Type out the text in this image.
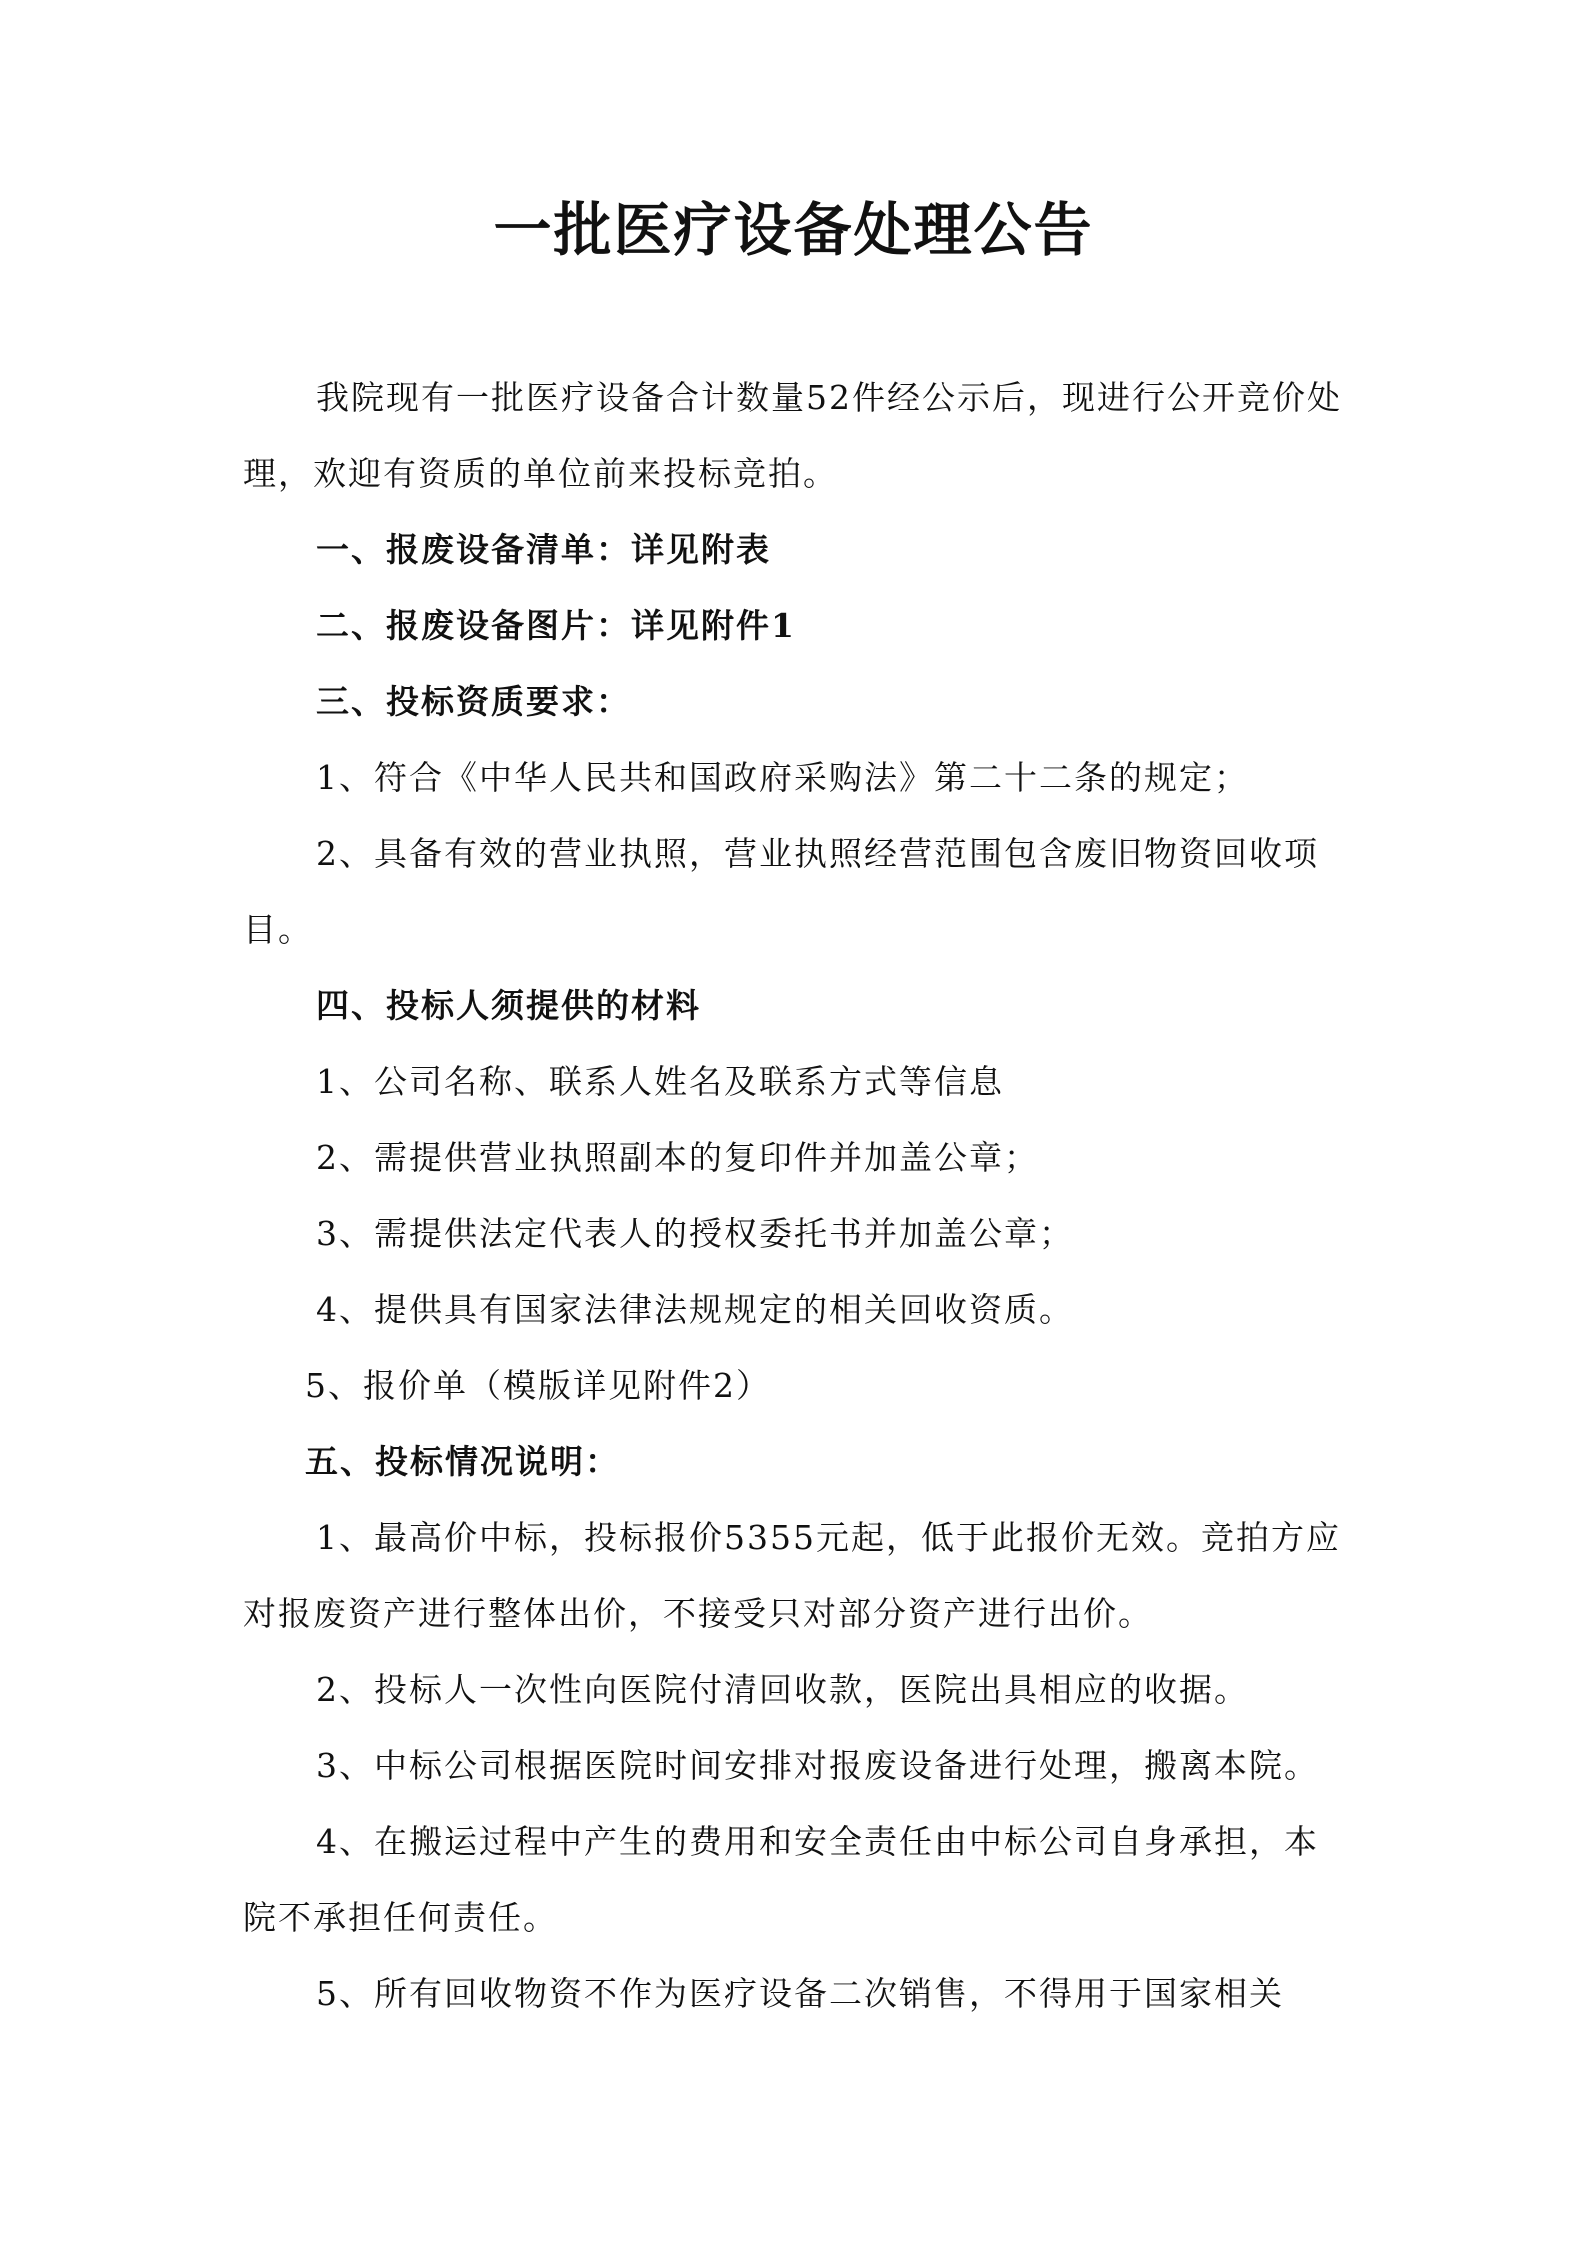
一批医疗设备处理公告

我院现有一批医疗设备合计数量52件经公示后，现进行公开竞价处理，欢迎有资质的单位前来投标竞拍。

一、报废设备清单：详见附表

二、报废设备图片：详见附件1

三、投标资质要求：

1、符合《中华人民共和国政府采购法》第二十二条的规定；

2、具备有效的营业执照，营业执照经营范围包含废旧物资回收项目。

四、投标人须提供的材料

1、公司名称、联系人姓名及联系方式等信息

2、需提供营业执照副本的复印件并加盖公章；

3、需提供法定代表人的授权委托书并加盖公章；

4、提供具有国家法律法规规定的相关回收资质。

5、报价单（模版详见附件2）

五、投标情况说明：

1、最高价中标，投标报价5355元起，低于此报价无效。竞拍方应对报废资产进行整体出价，不接受只对部分资产进行出价。

2、投标人一次性向医院付清回收款，医院出具相应的收据。

3、中标公司根据医院时间安排对报废设备进行处理，搬离本院。

4、在搬运过程中产生的费用和安全责任由中标公司自身承担，本院不承担任何责任。

5、所有回收物资不作为医疗设备二次销售，不得用于国家相关
